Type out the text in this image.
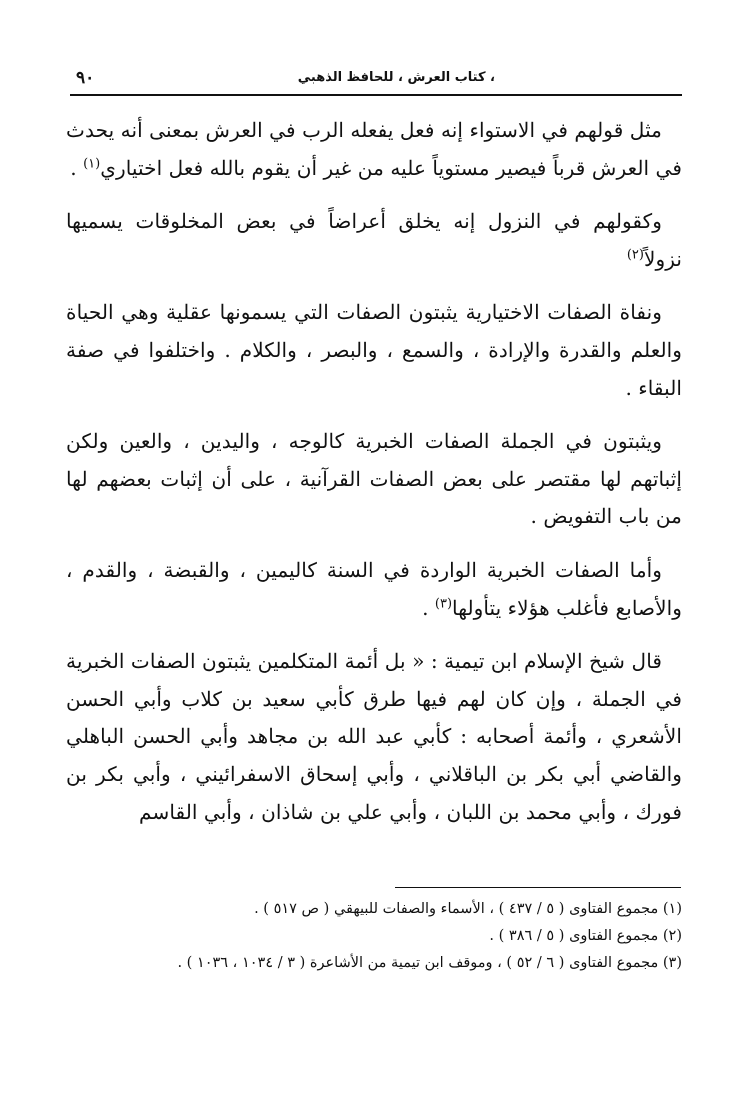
، كتاب العرش ، للحافظ الذهبي
٩٠

مثل قولهم في الاستواء إنه فعل يفعله الرب في العرش بمعنى أنه يحدث في العرش قرباً فيصير مستوياً عليه من غير أن يقوم بالله فعل اختياري$^{(١)}$ .

وكقولهم في النزول إنه يخلق أعراضاً في بعض المخلوقات يسميها نزولاً$^{(٢)}$

ونفاة الصفات الاختيارية يثبتون الصفات التي يسمونها عقلية وهي الحياة والعلم والقدرة والإرادة ، والسمع ، والبصر ، والكلام . واختلفوا في صفة البقاء .

ويثبتون في الجملة الصفات الخبرية كالوجه ، واليدين ، والعين ولكن إثباتهم لها مقتصر على بعض الصفات القرآنية ، على أن إثبات بعضهم لها من باب التفويض .

وأما الصفات الخبرية الواردة في السنة كاليمين ، والقبضة ، والقدم ، والأصابع فأغلب هؤلاء يتأولها$^{(٣)}$ .

قال شيخ الإسلام ابن تيمية : « بل أئمة المتكلمين يثبتون الصفات الخبرية في الجملة ، وإن كان لهم فيها طرق كأبي سعيد بن كلاب وأبي الحسن الأشعري ، وأئمة أصحابه : كأبي عبد الله بن مجاهد وأبي الحسن الباهلي والقاضي أبي بكر بن الباقلاني ، وأبي إسحاق الاسفرائيني ، وأبي بكر بن فورك ، وأبي محمد بن اللبان ، وأبي علي بن شاذان ، وأبي القاسم

(١) مجموع الفتاوى ( ٥ / ٤٣٧ ) ، الأسماء والصفات للبيهقي ( ص ٥١٧ ) .

(٢) مجموع الفتاوى ( ٥ / ٣٨٦ ) .

(٣) مجموع الفتاوى ( ٦ / ٥٢ ) ، وموقف ابن تيمية من الأشاعرة ( ٣ / ١٠٣٤ ، ١٠٣٦ ) .
